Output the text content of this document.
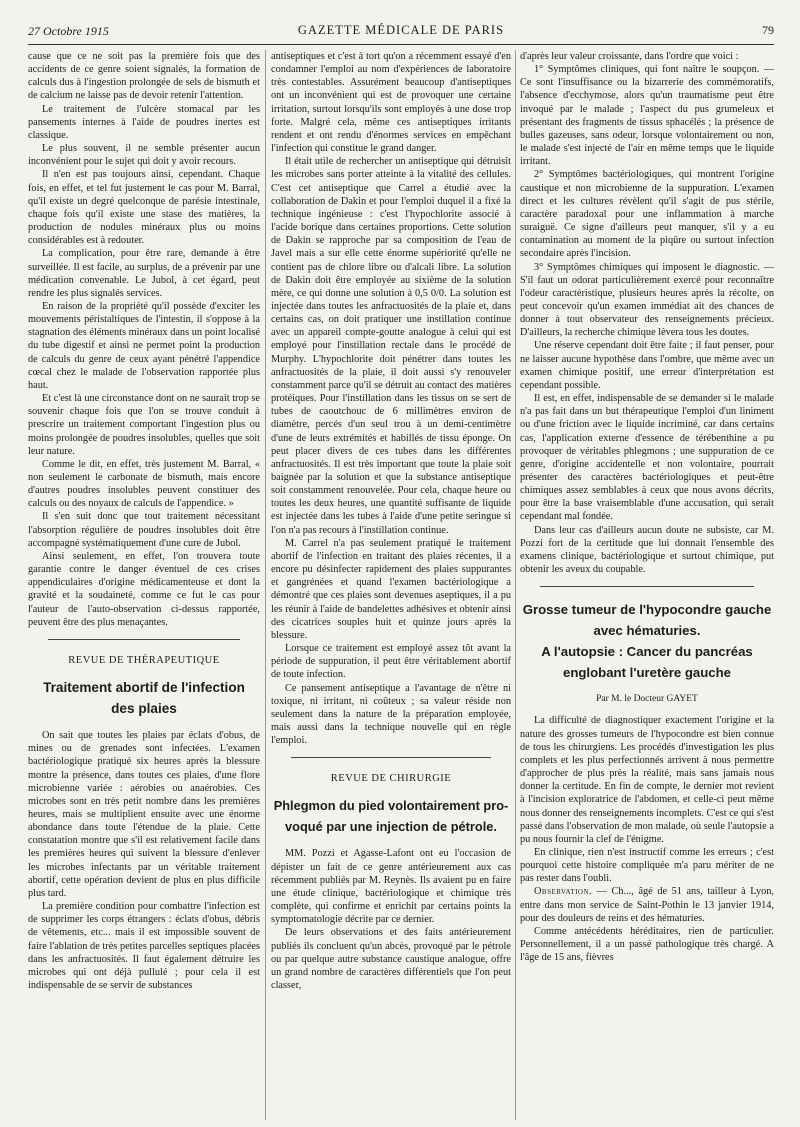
27 Octobre 1915	GAZETTE MÉDICALE DE PARIS	79

cause que ce ne soit pas la première fois que des accidents de ce genre soient signalés, la formation de calculs dus à l'ingestion prolongée de sels de bismuth et de calcium ne laisse pas de devoir retenir l'attention.

Le traitement de l'ulcère stomacal par les pansements internes à l'aide de poudres inertes est classique.

Le plus souvent, il ne semble présenter aucun inconvénient pour le sujet qui doit y avoir recours.

Il n'en est pas toujours ainsi, cependant. Chaque fois, en effet, et tel fut justement le cas pour M. Barral, qu'il existe un degré quelconque de parésie intestinale, chaque fois qu'il existe une stase des matières, la production de nodules minéraux plus ou moins considérables est à redouter.

La complication, pour être rare, demande à être surveillée. Il est facile, au surplus, de a prévenir par une médication convenable. Le Jubol, à cet égard, peut rendre les plus signalés services.

En raison de la propriété qu'il possède d'exciter les mouvements péristaltiques de l'intestin, il s'oppose à la stagnation des éléments minéraux dans un point localisé du tube digestif et ainsi ne permet point la production de calculs du genre de ceux ayant pénétré l'appendice cœcal chez le malade de l'observation rapportée plus haut.

Et c'est là une circonstance dont on ne saurait trop se souvenir chaque fois que l'on se trouve conduit à prescrire un traitement comportant l'ingestion plus ou moins prolongée de poudres insolubles, quelles que soit leur nature.

Comme le dit, en effet, très justement M. Barral, « non seulement le carbonate de bismuth, mais encore d'autres poudres insolubles peuvent constituer des calculs ou des noyaux de calculs de l'appendice. »

Il s'en suit donc que tout traitement nécessitant l'absorption régulière de poudres insolubles doit être accompagné systématiquement d'une cure de Jubol.

Ainsi seulement, en effet, l'on trouvera toute garantie contre le danger éventuel de ces crises appendiculaires d'origine médicamenteuse et dont la gravité et la soudaineté, comme ce fut le cas pour l'auteur de l'auto-observation ci-dessus rapportée, peuvent être des plus menaçantes.

REVUE DE THÉRAPEUTIQUE
Traitement abortif de l'infection
des plaies

On sait que toutes les plaies par éclats d'obus, de mines ou de grenades sont infectées. L'examen bactériologique pratiqué six heures après la blessure montre la présence, dans toutes ces plaies, d'une flore microbienne variée : aérobies ou anaérobies. Ces microbes sont en très petit nombre dans les premières heures, mais se multiplient ensuite avec une énorme abondance dans toute l'étendue de la plaie. Cette constatation montre que s'il est relativement facile dans les premières heures qui suivent la blessure d'enlever les microbes infectants par un véritable traitement abortif, cette opération devient de plus en plus difficile plus tard.

La première condition pour combattre l'infection est de supprimer les corps étrangers : éclats d'obus, débris de vêtements, etc... mais il est impossible souvent de faire l'ablation de très petites parcelles septiques placées dans les anfractuosités. Il faut également détruire les microbes qui ont déjà pullulé ; pour cela il est indispensable de se servir de substances

antiseptiques et c'est à tort qu'on a récemment essayé d'en condamner l'emploi au nom d'expériences de laboratoire très contestables. Assurément beaucoup d'antiseptiques ont un inconvénient qui est de provoquer une certaine irritation, surtout lorsqu'ils sont employés à une dose trop forte. Malgré cela, même ces antiseptiques irritants rendent et ont rendu d'énormes services en empêchant l'infection qui constitue le grand danger.

Il était utile de rechercher un antiseptique qui détruisît les microbes sans porter atteinte à la vitalité des cellules. C'est cet antiseptique que Carrel a étudié avec la collaboration de Dakin et pour l'emploi duquel il a fixé la technique ingénieuse : c'est l'hypochlorite associé à l'acide borique dans certaines proportions. Cette solution de Dakin se rapproche par sa composition de l'eau de Javel mais a sur elle cette énorme supériorité qu'elle ne contient pas de chlore libre ou d'alcali libre. La solution de Dakin doit être employée au sixième de la solution mère, ce qui donne une solution à 0,5 0/0. La solution est injectée dans toutes les anfractuosités de la plaie et, dans certains cas, on doit pratiquer une instillation continue avec un appareil compte-goutte analogue à celui qui est employé pour l'instillation rectale dans le procédé de Murphy. L'hypochlorite doit pénétrer dans toutes les anfractuosités de la plaie, il doit aussi s'y renouveler constamment parce qu'il se détruit au contact des matières protéiques. Pour l'instillation dans les tissus on se sert de tubes de caoutchouc de 6 millimètres environ de diamètre, percés d'un seul trou à un demi-centimètre d'une de leurs extrémités et habillés de tissu éponge. On peut placer divers de ces tubes dans les différentes anfractuosités. Il est très important que toute la plaie soit baignée par la solution et que la substance antiseptique soit constamment renouvelée. Pour cela, chaque heure ou toutes les deux heures, une quantité suffisante de liquide est injectée dans les tubes à l'aide d'une petite seringue si l'on n'a pas recours à l'instillation continue.

M. Carrel n'a pas seulement pratiqué le traitement abortif de l'infection en traitant des plaies récentes, il a encore pu désinfecter rapidement des plaies suppurantes et gangrénées et quand l'examen bactériologique a démontré que ces plaies sont devenues aseptiques, il a pu les réunir à l'aide de bandelettes adhésives et obtenir ainsi des cicatrices souples huit et quinze jours après la blessure.

Lorsque ce traitement est employé assez tôt avant la période de suppuration, il peut être véritablement abortif de toute infection.

Ce pansement antiseptique a l'avantage de n'être ni toxique, ni irritant, ni coûteux ; sa valeur réside non seulement dans la nature de la préparation employée, mais aussi dans la technique nouvelle qui en règle l'emploi.

REVUE DE CHIRURGIE
Phlegmon du pied volontairement pro-
voqué par une injection de pétrole.

MM. Pozzi et Agasse-Lafont ont eu l'occasion de dépister un fait de ce genre antérieurement aux cas récemment publiés par M. Reynès. Ils avaient pu en faire une étude clinique, bactériologique et chimique très complète, qui confirme et enrichit par certains points la symptomatologie décrite par ce dernier.

De leurs observations et des faits antérieurement publiés ils concluent qu'un abcès, provoqué par le pétrole ou par quelque autre substance caustique analogue, offre un grand nombre de caractères différentiels que l'on peut classer,

d'après leur valeur croissante, dans l'ordre que voici :

1° Symptômes cliniques, qui font naître le soupçon. — Ce sont l'insuffisance ou la bizarrerie des commémoratifs, l'absence d'ecchymose, alors qu'un traumatisme peut être invoqué par le malade ; l'aspect du pus grumeleux et présentant des fragments de tissus sphacélés ; la présence de bulles gazeuses, sans odeur, lorsque volontairement ou non, le malade s'est injecté de l'air en même temps que le liquide irritant.

2° Symptômes bactériologiques, qui montrent l'origine caustique et non microbienne de la suppuration. L'examen direct et les cultures révèlent qu'il s'agit de pus stérile, caractère paradoxal pour une inflammation à marche suraiguë. Ce signe d'ailleurs peut manquer, s'il y a eu contamination au moment de la piqûre ou surtout infection secondaire après l'incision.

3° Symptômes chimiques qui imposent le diagnostic. — S'il faut un odorat particulièrement exercé pour reconnaître l'odeur caractéristique, plusieurs heures après la récolte, on peut concevoir qu'un examen immédiat ait des chances de donner à tout observateur des renseignements précieux. D'ailleurs, la recherche chimique lèvera tous les doutes.

Une réserve cependant doit être faite ; il faut penser, pour ne laisser aucune hypothèse dans l'ombre, que même avec un examen chimique positif, une erreur d'interprétation est cependant possible.

Il est, en effet, indispensable de se demander si le malade n'a pas fait dans un but thérapeutique l'emploi d'un liniment ou d'une friction avec le liquide incriminé, car dans certains cas, l'application externe d'essence de térébenthine a pu provoquer de véritables phlegmons ; une suppuration de ce genre, d'origine accidentelle et non volontaire, pourrait présenter des caractères bactériologiques et peut-être chimiques assez semblables à ceux que nous avons décrits, pour être la base vraisemblable d'une accusation, qui serait cependant mal fondée.

Dans leur cas d'ailleurs aucun doute ne subsiste, car M. Pozzi fort de la certitude que lui donnait l'ensemble des examens clinique, bactériologique et surtout chimique, put obtenir les aveux du coupable.

Grosse tumeur de l'hypocondre gauche
avec hématuries.
A l'autopsie : Cancer du pancréas
englobant l'uretère gauche
Par M. le Docteur GAYET

La difficulté de diagnostiquer exactement l'origine et la nature des grosses tumeurs de l'hypocondre est bien connue de tous les chirurgiens. Les procédés d'investigation les plus complets et les plus perfectionnés arrivent à nous permettre d'approcher de plus près la réalité, mais sans jamais nous donner la certitude. En fin de compte, le dernier mot revient à l'incision exploratrice de l'abdomen, et celle-ci peut même nous donner des renseignements incomplets. C'est ce qui s'est passé dans l'observation de mon malade, où seule l'autopsie a pu nous fournir la clef de l'énigme.

En clinique, rien n'est instructif comme les erreurs ; c'est pourquoi cette histoire compliquée m'a paru mériter de ne pas rester dans l'oubli.

Observation. — Ch..., âgé de 51 ans, tailleur à Lyon, entre dans mon service de Saint-Pothin le 13 janvier 1914, pour des douleurs de reins et des hématuries.

Comme antécédents héréditaires, rien de particulier. Personnellement, il a un passé pathologique très chargé. A l'âge de 15 ans, fièvres
